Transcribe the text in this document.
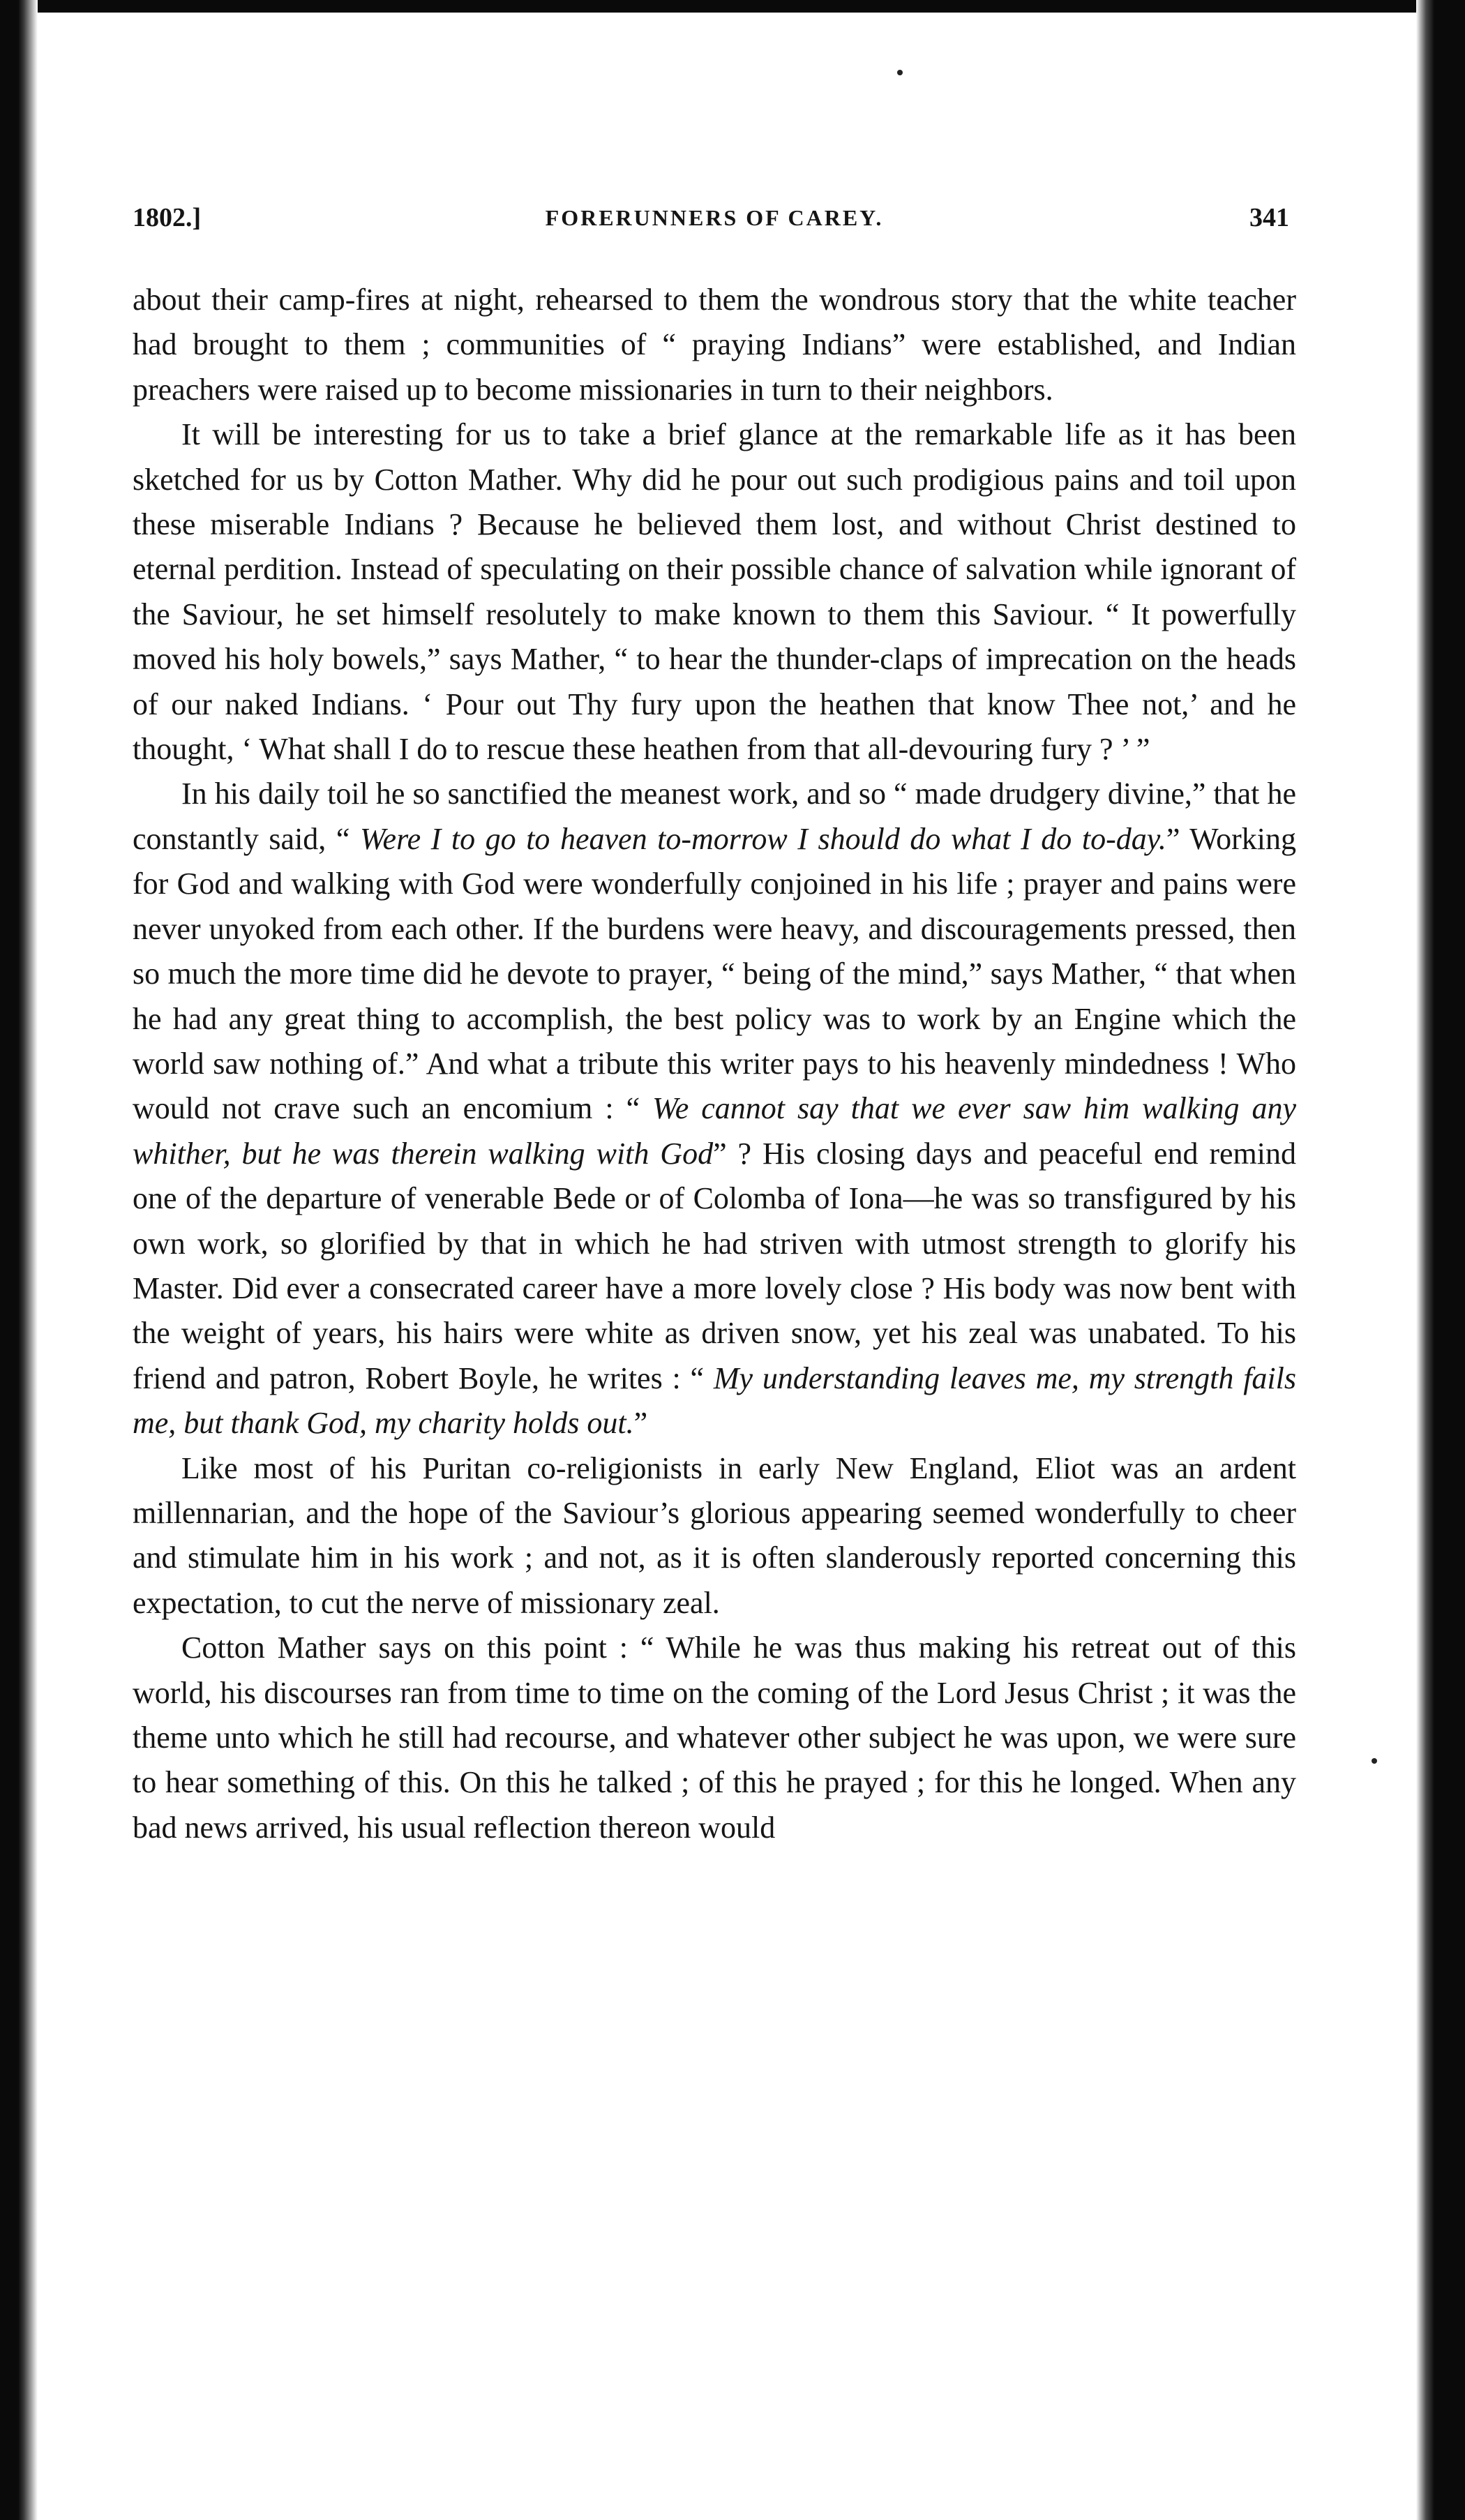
1802.]	FORERUNNERS OF CAREY.	341

about their camp-fires at night, rehearsed to them the wondrous story that the white teacher had brought to them ; communities of “ praying Indians” were established, and Indian preachers were raised up to become missionaries in turn to their neighbors.

It will be interesting for us to take a brief glance at the remarkable life as it has been sketched for us by Cotton Mather. Why did he pour out such prodigious pains and toil upon these miserable Indians ? Because he believed them lost, and without Christ destined to eternal perdition. Instead of speculating on their possible chance of salvation while ignorant of the Saviour, he set himself resolutely to make known to them this Saviour. “ It powerfully moved his holy bowels,” says Mather, “ to hear the thunder-claps of imprecation on the heads of our naked Indians. ‘ Pour out Thy fury upon the heathen that know Thee not,’ and he thought, ‘ What shall I do to rescue these heathen from that all-devouring fury ? ’ ”

In his daily toil he so sanctified the meanest work, and so “ made drudgery divine,” that he constantly said, “ Were I to go to heaven to-morrow I should do what I do to-day.” Working for God and walking with God were wonderfully conjoined in his life ; prayer and pains were never unyoked from each other. If the burdens were heavy, and discouragements pressed, then so much the more time did he devote to prayer, “ being of the mind,” says Mather, “ that when he had any great thing to accomplish, the best policy was to work by an Engine which the world saw nothing of.” And what a tribute this writer pays to his heavenly mindedness ! Who would not crave such an encomium : “ We cannot say that we ever saw him walking any whither, but he was therein walking with God” ? His closing days and peaceful end remind one of the departure of venerable Bede or of Colomba of Iona—he was so transfigured by his own work, so glorified by that in which he had striven with utmost strength to glorify his Master. Did ever a consecrated career have a more lovely close ? His body was now bent with the weight of years, his hairs were white as driven snow, yet his zeal was unabated. To his friend and patron, Robert Boyle, he writes : “ My understanding leaves me, my strength fails me, but thank God, my charity holds out.”

Like most of his Puritan co-religionists in early New England, Eliot was an ardent millennarian, and the hope of the Saviour’s glorious appearing seemed wonderfully to cheer and stimulate him in his work ; and not, as it is often slanderously reported concerning this expectation, to cut the nerve of missionary zeal.

Cotton Mather says on this point : “ While he was thus making his retreat out of this world, his discourses ran from time to time on the coming of the Lord Jesus Christ ; it was the theme unto which he still had recourse, and whatever other subject he was upon, we were sure to hear something of this. On this he talked ; of this he prayed ; for this he longed. When any bad news arrived, his usual reflection thereon would
